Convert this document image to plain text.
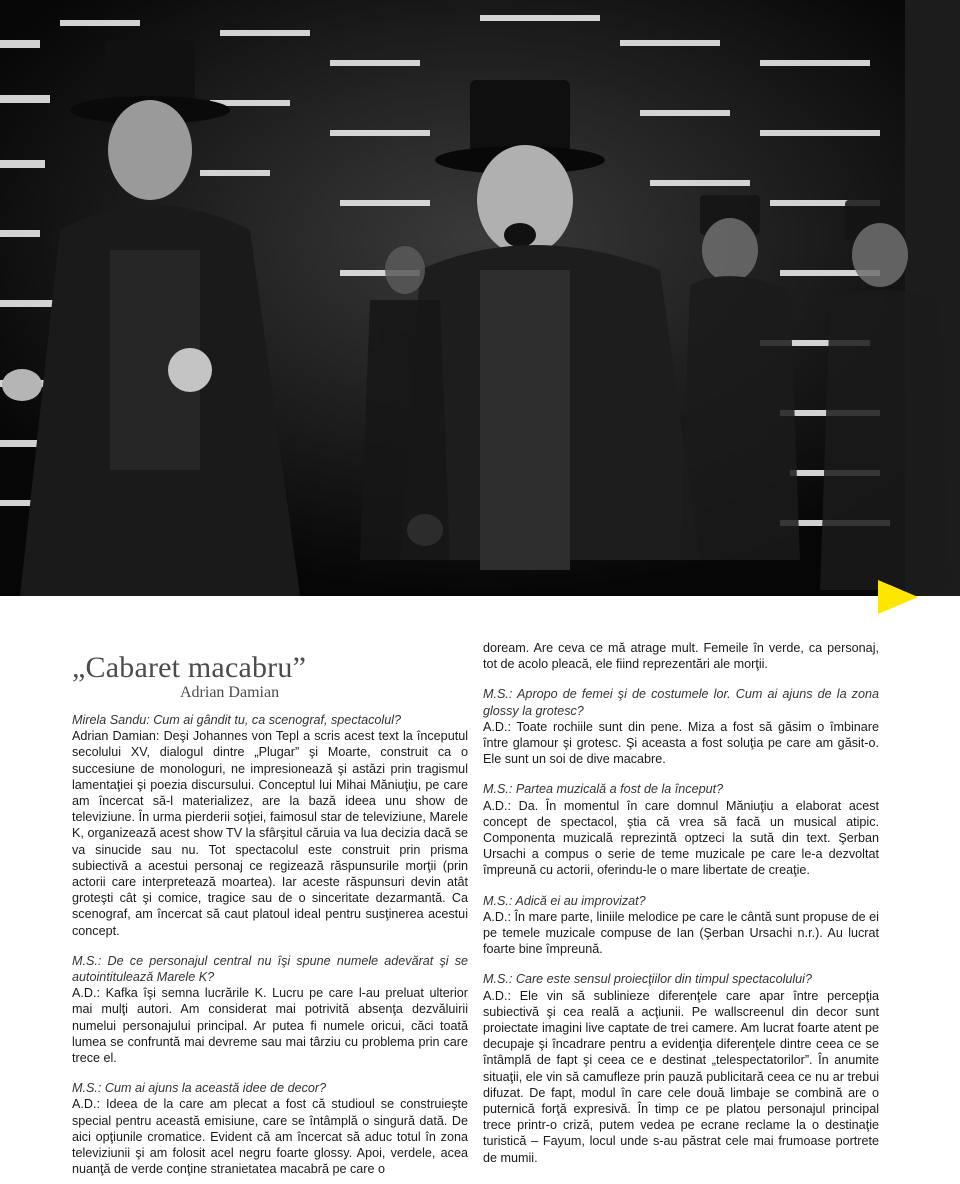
„Cabaret macabru”
Adrian Damian

Mirela Sandu: Cum ai gândit tu, ca scenograf, spectacolul?

Adrian Damian: Deşi Johannes von Tepl a scris acest text la începutul secolului XV, dialogul dintre „Plugar” şi Moarte, construit ca o succesiune de monologuri, ne impresionează şi astăzi prin tragismul lamentaţiei şi poezia discursului. Conceptul lui Mihai Măniuţiu, pe care am încercat să-l materializez, are la bază ideea unu show de televiziune. În urma pierderii soţiei, faimosul star de televiziune, Marele K, organizează acest show TV la sfârşitul căruia va lua decizia dacă se va sinucide sau nu. Tot spectacolul este construit prin prisma subiectivă a acestui personaj ce regizează răspunsurile morţii (prin actorii care interpretează moartea). Iar aceste răspunsuri devin atât groteşti cât şi comice, tragice sau de o sinceritate dezarmantă. Ca scenograf, am încercat să caut platoul ideal pentru susţinerea acestui concept.

M.S.: De ce personajul central nu îşi spune numele adevărat şi se autointitulează Marele K?

A.D.: Kafka îşi semna lucrările K. Lucru pe care l-au preluat ulterior mai mulţi autori. Am considerat mai potrivită absenţa dezvăluirii numelui personajului principal. Ar putea fi numele oricui, căci toată lumea se confruntă mai devreme sau mai târziu cu problema prin care trece el.

M.S.: Cum ai ajuns la această idee de decor?

A.D.: Ideea de la care am plecat a fost că studioul se construieşte special pentru această emisiune, care se întâmplă o singură dată. De aici opţiunile cromatice. Evident că am încercat să aduc totul în zona televiziunii şi am folosit acel negru foarte glossy. Apoi, verdele, acea nuanţă de verde conţine stranietatea macabră pe care o

doream. Are ceva ce mă atrage mult. Femeile în verde, ca personaj, tot de acolo pleacă, ele fiind reprezentări ale morţii.

M.S.: Apropo de femei şi de costumele lor. Cum ai ajuns de la zona glossy la grotesc?

A.D.: Toate rochiile sunt din pene. Miza a fost să găsim o îmbinare între glamour şi grotesc. Şi aceasta a fost soluţia pe care am găsit-o. Ele sunt un soi de dive macabre.

M.S.: Partea muzicală a fost de la început?

A.D.: Da. În momentul în care domnul Măniuţiu a elaborat acest concept de spectacol, ştia că vrea să facă un musical atipic. Componenta muzicală reprezintă optzeci la sută din text. Şerban Ursachi a compus o serie de teme muzicale pe care le-a dezvoltat împreună cu actorii, oferindu-le o mare libertate de creaţie.

M.S.: Adică ei au improvizat?

A.D.: În mare parte, liniile melodice pe care le cântă sunt propuse de ei pe temele muzicale compuse de Ian (Şerban Ursachi n.r.). Au lucrat foarte bine împreună.

M.S.: Care este sensul proiecţiilor din timpul spectacolului?

A.D.: Ele vin să sublinieze diferenţele care apar între percepţia subiectivă şi cea reală a acţiunii. Pe wallscreenul din decor sunt proiectate imagini live captate de trei camere. Am lucrat foarte atent pe decupaje şi încadrare pentru a evidenţia diferenţele dintre ceea ce se întâmplă de fapt şi ceea ce e destinat „telespectatorilor”. În anumite situaţii, ele vin să camufleze prin pauză publicitară ceea ce nu ar trebui difuzat. De fapt, modul în care cele două limbaje se combină are o puternică forţă expresivă. În timp ce pe platou personajul principal trece printr-o criză, putem vedea pe ecrane reclame la o destinaţie turistică – Fayum, locul unde s-au păstrat cele mai frumoase portrete de mumii.
